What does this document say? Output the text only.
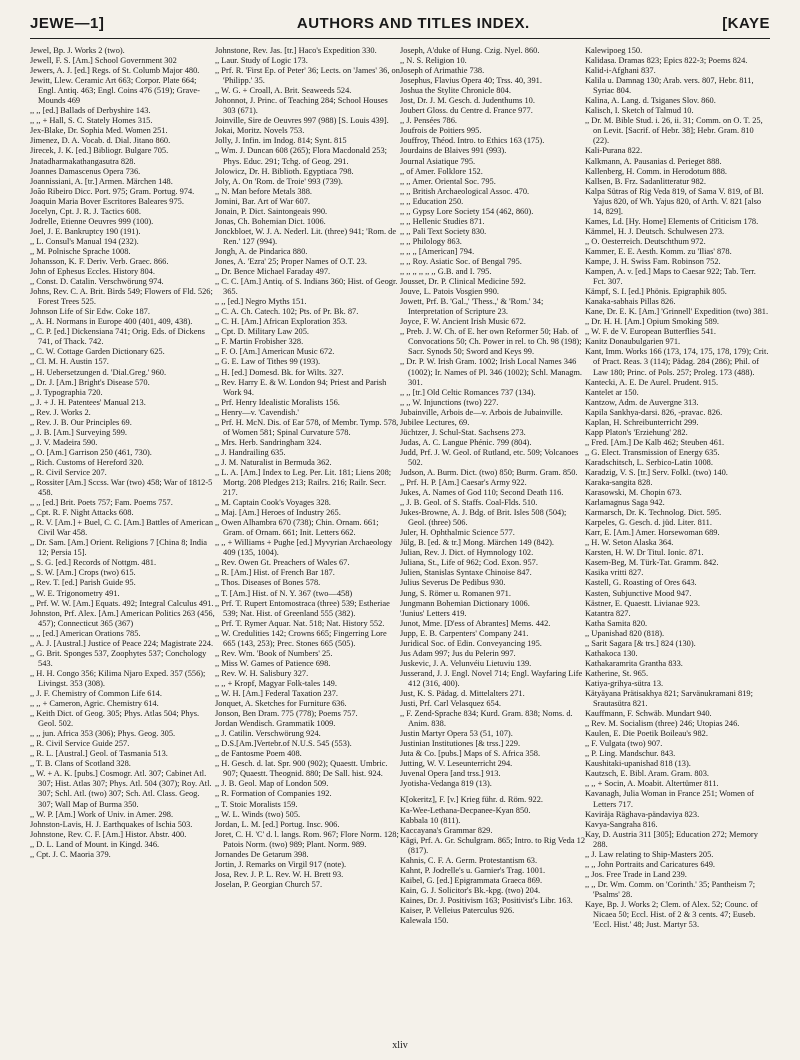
JEWE—1]	AUTHORS AND TITLES INDEX.	[KAYE

Jewel, Bp. J. Works 2 (two).

Jewell, F. S. [Am.] School Government 302

Jewers, A. J. [ed.] Regs. of St. Columb Major 480.

Jewitt, Llew. Ceramic Art 663; Corpor. Plate 664; Engl. Antiq. 463; Engl. Coins 476 (519); Grave-Mounds 469

,, ,, [ed.] Ballads of Derbyshire 143.

,, ,, + Hall, S. C. Stately Homes 315.

Jex-Blake, Dr. Sophia Med. Women 251.

Jimenez, D. A. Vocab. d. Dial. Jitano 860.

Jirecek, J. K. [ed.] Bibliogr. Bulgare 705.

Jnatadharmakathangasutra 828.

Joannes Damascenus Opera 736.

Joannissiani, A. [tr.] Armen. Märchen 148.

João Ribeiro Dicc. Port. 975; Gram. Portug. 974.

Joaquin Maria Bover Escritores Baleares 975.

Jocelyn, Cpt. J. R. J. Tactics 608.

Jodrelle, Etienne Oeuvres 999 (100).

Joel, J. E. Bankruptcy 190 (191).

,, L. Consul's Manual 194 (232).

,, M. Polnische Sprache 1008.

Johansson, K. F. Deriv. Verb. Graec. 866.

John of Ephesus Eccles. History 804.

,, Const. D. Catalin. Verschwörung 974.

Johns, Rev. C. A. Brit. Birds 549; Flowers of Fld. 526; Forest Trees 525.

Johnson Life of Sir Edw. Coke 187.

,, A. H. Normans in Europe 400 (401, 409, 438).

,, C. P. [ed.] Dickensiana 741; Orig. Eds. of Dickens 741, of Thack. 742.

,, C. W. Cottage Garden Dictionary 625.

,, Cl. M. H. Austin 157.

,, H. Uebersetzungen d. 'Dial.Greg.' 960.

,, Dr. J. [Am.] Bright's Disease 570.

,, J. Typographia 720.

,, J. + J. H. Patentees' Manual 213.

,, Rev. J. Works 2.

,, Rev. J. B. Our Principles 69.

,, J. B. [Am.] Surveying 599.

,, J. V. Madeira 590.

,, O. [Am.] Garrison 250 (461, 730).

,, Rich. Customs of Hereford 320.

,, R. Civil Service 207.

,, Rossiter [Am.] Sccss. War (two) 458; War of 1812-5 458.

,, ,, [ed.] Brit. Poets 757; Fam. Poems 757.

,, Cpt. R. F. Night Attacks 608.

,, R. V. [Am.] + Buel, C. C. [Am.] Battles of American Civil War 458.

,, Dr. Sam. [Am.] Orient. Religions 7 [China 8; India 12; Persia 15].

,, S. G. [ed.] Records of Nottgm. 481.

,, S. W. [Am.] Crops (two) 615.

,, Rev. T. [ed.] Parish Guide 95.

,, W. E. Trigonometry 491.

,, Prf. W. W. [Am.] Equats. 492; Integral Calculus 491.

Johnston, Prf. Alex. [Am.] American Politics 263 (456, 457); Connecticut 365 (367)

,, ,, [ed.] American Orations 785.

,, A. J. [Austral.] Justice of Peace 224; Magistrate 224.

,, G. Brit. Sponges 537, Zoophytes 537; Conchology 543.

,, H. H. Congo 356; Kilima Njaro Exped. 357 (556); Livingst. 353 (308).

,, J. F. Chemistry of Common Life 614.

,, ,, + Cameron, Agric. Chemistry 614.

,, Keith Dict. of Geog. 305; Phys. Atlas 504; Phys. Geol. 502.

,, ,, jun. Africa 353 (306); Phys. Geog. 305.

,, R. Civil Service Guide 257.

,, R. L. [Austral.] Geol. of Tasmania 513.

,, T. B. Clans of Scotland 328.

,, W. + A. K. [pubs.] Cosmogr. Atl. 307; Cabinet Atl. 307; Hist. Atlas 307; Phys. Atl. 504 (307); Roy. Atl. 307; Schl. Atl. (two) 307; Sch. Atl. Class. Geog. 307; Wall Map of Burma 350.

,, W. P. [Am.] Work of Univ. in Amer. 298.

Johnston-Lavis, H. J. Earthquakes of Ischia 503.

Johnstone, Rev. C. F. [Am.] Histor. Abstr. 400.

,, D. L. Land of Mount. in Kingd. 346.

,, Cpt. J. C. Maoria 379.

Johnstone, Rev. Jas. [tr.] Haco's Expedition 330.

,, Laur. Study of Logic 173.

,, Prf. R. 'First Ep. of Peter' 36; Lects. on 'James' 36, on 'Philipp.' 35.

,, W. G. + Croall, A. Brit. Seaweeds 524.

Johonnot, J. Princ. of Teaching 284; School Houses 303 (671).

Joinville, Sire de Oeuvres 997 (988) [S. Louis 439].

Jokai, Moritz. Novels 753.

Jolly, J. Infin. im Indog. 814; Synt. 815

,, Wm. J. Duncan 608 (265); Flora Macdonald 253; Phys. Educ. 291; Tchg. of Geog. 291.

Jolowicz, Dr. H. Biblioth. Egyptiaca 798.

Joly, A. On 'Rom. de Troie' 993 (739).

,, N. Man before Metals 388.

Jomini, Bar. Art of War 607.

Jonain, P. Dict. Saintongeais 990.

Jonas, Ch. Bohemian Dict. 1006.

Jonckbloet, W. J. A. Nederl. Lit. (three) 941; 'Rom. de Ren.' 127 (994).

Jongh, A. de Pindarica 880.

Jones, A. 'Ezra' 25; Proper Names of O.T. 23.

,, Dr. Bence Michael Faraday 497.

,, C. C. [Am.] Antiq. of S. Indians 360; Hist. of Geogr. 365.

,, ,, [ed.] Negro Myths 151.

,, C. A. Ch. Catech. 102; Pts. of Pr. Bk. 87.

,, C. H. [Am.] African Exploration 353.

,, Cpt. D. Military Law 205.

,, F. Martin Frobisher 328.

,, F. O. [Am.] American Music 672.

,, G. E. Law of Tithes 99 (193).

,, H. [ed.] Domesd. Bk. for Wilts. 327.

,, Rev. Harry E. & W. London 94; Priest and Parish Work 94.

,, Prf. Henry Idealistic Moralists 156.

,, Henry—v. 'Cavendish.'

,, Prf. H. McN. Dis. of Ear 578, of Membr. Tymp. 578, of Women 581; Spinal Curvature 578.

,, Mrs. Herb. Sandringham 324.

,, J. Handrailing 635.

,, J. M. Naturalist in Bermuda 362.

,, L. A. [Am.] Index to Leg. Per. Lit. 181; Liens 208; Mortg. 208 Pledges 213; Railrs. 216; Railr. Secr. 217.

,, M. Captain Cook's Voyages 328.

,, Maj. [Am.] Heroes of Industry 265.

,, Owen Alhambra 670 (738); Chin. Ornam. 661; Gram. of Ornam. 661; Init. Letters 662.

,, ,, + Williams + Pughe [ed.] Myvyrian Archaeology 409 (135, 1004).

,, Rev. Owen Gt. Preachers of Wales 67.

,, R. [Am.] Hist. of French Bar 187.

,, Thos. Diseases of Bones 578.

,, T. [Am.] Hist. of N. Y. 367 (two—458)

,, Prf. T. Rupert Entomostraca (three) 539; Estheriae 539; Nat. Hist. of Greenland 555 (382).

,, Prf. T. Rymer Aquar. Nat. 518; Nat. History 552.

,, W. Credulities 142; Crowns 665; Fingerring Lore 665 (143, 253); Prec. Stones 665 (505).

,, Rev. Wm. 'Book of Numbers' 25.

,, Miss W. Games of Patience 698.

,, Rev. W. H. Salisbury 327.

,, ,, + Kropf, Magyar Folk-tales 149.

,, W. H. [Am.] Federal Taxation 237.

Jonquet, A. Sketches for Furniture 636.

Jonson, Ben Dram. 775 (778); Poems 757.

Jordan Wendisch. Grammatik 1009.

,, J. Catilin. Verschwörung 924.

,, D.S.[Am.]Vertebr.of N.U.S. 545 (553).

,, de Fantosme Poem 408.

,, H. Gesch. d. lat. Spr. 900 (902); Quaestt. Umbric. 907; Quaestt. Theognid. 880; De Sall. hist. 924.

,, J. B. Geol. Map of London 509.

,, R. Formation of Companies 192.

,, T. Stoic Moralists 159.

,, W. L. Winds (two) 505.

Jordan, L. M. [ed.] Portug. Insc. 906.

Joret, C. H. 'C' d. l. langs. Rom. 967; Flore Norm. 128; Patois Norm. (two) 989; Plant. Norm. 989.

Jornandes De Getarum 398.

Jortin, J. Remarks on Virgil 917 (note).

Josa, Rev. J. P. L. Rev. W. H. Brett 93.

Joselan, P. Georgian Church 57.

Joseph, A'duke of Hung. Czig. Nyel. 860.

,, N. S. Religion 10.

Joseph of Arimathie 738.

Josephus, Flavius Opera 40; Trss. 40, 391.

Joshua the Stylite Chronicle 804.

Jost, Dr. J. M. Gesch. d. Judenthums 10.

Joubert Gloss. du Centre d. France 977.

,, J. Pensées 786.

Joufrois de Poitiers 995.

Jouffroy, Théod. Intro. to Ethics 163 (175).

Jourdains de Blaives 991 (993).

Journal Asiatique 795.

,, of Amer. Folklore 152.

,, ,, Amer. Oriental Soc. 795.

,, ,, British Archaeological Assoc. 470.

,, ,, Education 250.

,, ,, Gypsy Lore Society 154 (462, 860).

,, ,, Hellenic Studies 871.

,, ,, Pali Text Society 830.

,, ,, Philology 863.

,, ,, ,, [American] 794.

,, ,, Roy. Asiatic Soc. of Bengal 795.

,, ,, ,, ,, ,, ,, G.B. and I. 795.

Jousset, Dr. P. Clinical Medicine 592.

Jouve, L. Patois Vosgien 990.

Jowett, Prf. B. 'Gal.,' 'Thess.,' & 'Rom.' 34; Interpretation of Scripture 23.

Joyce, F. W. Ancient Irish Music 672.

,, Preb. J. W. Ch. of E. her own Reformer 50; Hab. of Convocations 50; Ch. Power in rel. to Ch. 98 (198); Sacr. Synods 50; Sword and Keys 99.

,, Dr. P. W. Irish Gram. 1002; Irish Local Names 346 (1002); Ir. Names of Pl. 346 (1002); Schl. Managm. 301.

,, ,, [tr.] Old Celtic Romances 737 (134).

,, ,, W. Injunctions (two) 227.

Jubainville, Arbois de—v. Arbois de Jubainville.

Jubilee Lectures, 69.

Jüchtzer, J. Schul-Stat. Sachsens 273.

Judas, A. C. Langue Phénic. 799 (804).

Judd, Prf. J. W. Geol. of Rutland, etc. 509; Volcanoes 502.

Judson, A. Burm. Dict. (two) 850; Burm. Gram. 850.

,, Prf. H. P. [Am.] Caesar's Army 922.

Jukes, A. Names of God 110; Second Death 116.

,, J. B. Geol. of S. Staffs. Coal-Flds. 510.

Jukes-Browne, A. J. Bdg. of Brit. Isles 508 (504); Geol. (three) 506.

Juler, H. Ophthalmic Science 577.

Jülg, B. [ed. & tr.] Mong. Märchen 149 (842).

Julian, Rev. J. Dict. of Hymnology 102.

Juliana, St., Life of 962; Cod. Exon. 957.

Julien, Stanislas Syntaxe Chinoise 847.

Julius Severus De Pedibus 930.

Jung, S. Römer u. Romanen 971.

Jungmann Bohemian Dictionary 1006.

'Junius' Letters 419.

Junot, Mme. [D'ess of Abrantes] Mems. 442.

Jupp, E. B. Carpenters' Company 241.

Juridical Soc. of Edin. Conveyancing 195.

Jus Adam 997; Jus du Pelerin 997.

Juskevic, J. A. Velunvéiu Lietuviu 139.

Jusserand, J. J. Engl. Novel 714; Engl. Wayfaring Life 412 (316, 400).

Just, K. S. Pädag. d. Mittelalters 271.

Justi, Prf. Carl Velasquez 654.

,, F. Zend-Sprache 834; Kurd. Gram. 838; Noms. d. Anim. 838.

Justin Martyr Opera 53 (51, 107).

Justinian Institutiones [& trss.] 229.

Juta & Co. [pubs.] Maps of S. Africa 358.

Jutting, W. V. Leseunterricht 294.

Juvenal Opera [and trss.] 913.

Jyotisha-Vedanga 819 (13).

K[okeritz], F. [v.] Krieg führ. d. Röm. 922.

Ka-Wee-Lethana-Decpanee-Kyan 850.

Kabbala 10 (811).

Kaccayana's Grammar 829.

Kägi, Prf. A. Gr. Schulgram. 865; Intro. to Rig Veda 12 (817).

Kahnis, C. F. A. Germ. Protestantism 63.

Kahnt, P. Jodrelle's u. Garnier's Trag. 1001.

Kaibel, G. [ed.] Epigrammata Graeca 869.

Kain, G. J. Solicitor's Bk.-kpg. (two) 204.

Kaines, Dr. J. Positivism 163; Positivist's Libr. 163.

Kaiser, P. Velleius Paterculus 926.

Kalewala 150.

Kalewipoeg 150.

Kalidasa. Dramas 823; Epics 822-3; Poems 824.

Kalid-i-Afghani 837.

Kalila u. Damnag 130; Arab. vers. 807, Hebr. 811, Syriac 804.

Kalina, A. Lang. d. Tsiganes Slov. 860.

Kalisch, I. Sketch of Talmud 10.

,, Dr. M. Bible Stud. i. 26, ii. 31; Comm. on O. T. 25, on Levit. [Sacrif. of Hebr. 38]; Hebr. Gram. 810 (22).

Kali-Purana 822.

Kalkmann, A. Pausanias d. Perieget 888.

Kallenberg, H. Comm. in Herodotum 888.

Kallsen, B. Frz. Sadanlitteratur 982.

Kalpa Sütras of Rig Veda 819, of Sama V. 819, of Bl. Yajus 820, of Wh. Yajus 820, of Arth. V. 821 [also 14, 829].

Kames, Ld. [Hy. Home] Elements of Criticism 178.

Kämmel, H. J. Deutsch. Schulwesen 273.

,, O. Oesterreich. Deutschthum 972.

Kammer, E. E. Aesth. Komm. zu 'Ilias' 878.

Kampe, J. H. Swiss Fam. Robinson 752.

Kampen, A. v. [ed.] Maps to Caesar 922; Tab. Terr. Fct. 307.

Kämpf, S. I. [ed.] Phönis. Epigraphik 805.

Kanaka-sabhais Pillas 826.

Kane, Dr. E. K. [Am.] 'Grinnell' Expedition (two) 381.

,, Dr. H. H. [Am.] Opium Smoking 589.

,, W. F. de V. European Butterflies 541.

Kanitz Donaubulgarien 971.

Kant, Imm. Works 166 (173, 174, 175, 178, 179); Crit. of Pract. Reas. 3 (114); Pädag. 284 (286); Phil. of Law 180; Princ. of Pols. 257; Proleg. 173 (488).

Kantecki, A. E. De Aurel. Prudent. 915.

Kantelet ar 150.

Kantzow, Adm. de Auvergne 313.

Kapila Sankhya-darsi. 826, -pravac. 826.

Kaplan, H. Schreibunterricht 299.

Kapp Platon's 'Erziehung' 282.

,, Fred. [Am.] De Kalb 462; Steuben 461.

,, G. Elect. Transmission of Energy 635.

Karadschitsch, L. Serbico-Latin 1008.

Karadzig, V. S. [tr.] Serv. Folkl. (two) 140.

Karaka-sangita 828.

Karasowski, M. Chopin 673.

Karlamagnus Saga 942.

Karmarsch, Dr. K. Technolog. Dict. 595.

Karpeles, G. Gesch. d. jüd. Liter. 811.

Karr, E. [Am.] Amer. Horsewoman 689.

,, H. W. Seton Alaska 364.

Karsten, H. W. Dr Titul. Ionic. 871.

Kasem-Beg, M. Türk-Tat. Gramm. 842.

Kasika vritti 827.

Kastell, G. Roasting of Ores 643.

Kasten, Subjunctive Mood 947.

Kästner, E. Quaestt. Livianae 923.

Katantra 827.

Katha Samita 820.

,, Upanishad 820 (818).

,, Sarit Sagara [& trs.] 824 (130).

Kathakoca 130.

Kathakaramrita Grantha 833.

Katherine, St. 965.

Katiya-grihya-sütra 13.

Kätyäyana Prätisakhya 821; Sarvänukramani 819; Srautasütra 821.

Kauffmann, F. Schwäb. Mundart 940.

,, Rev. M. Socialism (three) 246; Utopias 246.

Kaulen, E. Die Poetik Boileau's 982.

,, F. Vulgata (two) 907.

,, P. Ling. Mandschur. 843.

Kaushitaki-upanishad 818 (13).

Kautzsch, E. Bibl. Aram. Gram. 803.

,, ,, + Socin, A. Moabit. Altertümer 811.

Kavanagh, Julia Woman in France 251; Women of Letters 717.

Kaviräja Räghava-pändaviya 823.

Kavya-Sangraha 816.

Kay, D. Austria 311 [305]; Education 272; Memory 288.

,, J. Law relating to Ship-Masters 205.

,, ,, John Portraits and Caricatures 649.

,, Jos. Free Trade in Land 239.

,, ,, Dr. Wm. Comm. on 'Corinth.' 35; Pantheism 7; 'Psalms' 28.

Kaye, Bp. J. Works 2; Clem. of Alex. 52; Counc. of Nicaea 50; Eccl. Hist. of 2 & 3 cents. 47; Euseb. 'Eccl. Hist.' 48; Just. Martyr 53.

xliv
